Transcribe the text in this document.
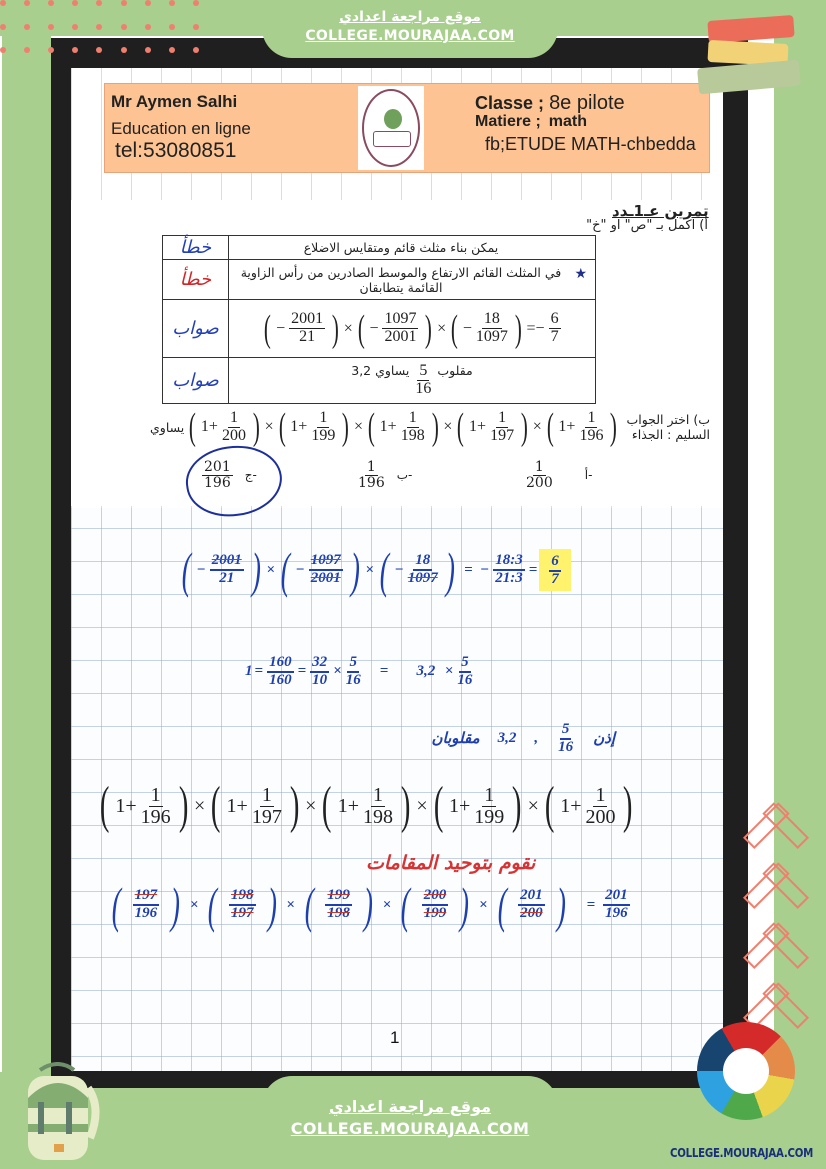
موقع مراجعة اعدادي
COLLEGE.MOURAJAA.COM
Mr Aymen Salhi
Education en ligne
tel:53080851
Classe ; 8e pilote
Matiere ; math
fb;ETUDE MATH-chbedda
تمرين عـ1ـدد
أ) اكمل بـ "ص" او "خ"
خطأ	يمكن بناء مثلث قائم ومتقايس الاضلاع
خطأ	في المثلث القائم الارتفاع والموسط الصادرين من رأس الزاوية القائمة يتطابقان
★

صواب	( − $\frac{2001}{21}$ ) × ( − $\frac{1097}{2001}$ ) × ( − $\frac{18}{1097}$ ) =− $\frac{6}{7}$

صواب	مقلوب
$\frac{5}{16}$
يساوي 3,2
ب) اختر الجواب السليم : الجذاء
( $1+ \frac{1}{200}$ ) × ( $1+ \frac{1}{199}$ ) × ( $1+ \frac{1}{198}$ ) × ( $1+ \frac{1}{197}$ ) × ( $1+ \frac{1}{196}$ )
يساوي
$\frac{201}{196}$ ج-	$\frac{1}{196}$ ب-	$\frac{1}{200}$	أ-
( − $\frac{2001}{21}$ ) × ( − $\frac{1097}{2001}$ ) × ( − $\frac{18}{1097}$ ) =  − $\frac{18:3}{21:3} = \frac{6}{7}$
$1 = \frac{160}{160} = \frac{32}{10} \times \frac{5}{16} = 3,2 \times \frac{5}{16}$
إذن
$\frac{5}{16}$
,
3,2
مقلوبان
( $1+ \frac{1}{196}$ ) × ( $1+ \frac{1}{197}$ ) × ( $1+ \frac{1}{198}$ ) × ( $1+ \frac{1}{199}$ ) × ( $1+ \frac{1}{200}$ )
نقوم بتوحيد المقامات
( $\frac{197}{196}$ ) × ( $\frac{198}{197}$ ) × ( $\frac{199}{198}$ ) × ( $\frac{200}{199}$ ) × ( $\frac{201}{200}$ ) = $\frac{201}{196}$
1
موقع مراجعة اعدادي
COLLEGE.MOURAJAA.COM
COLLEGE.MOURAJAA.COM
